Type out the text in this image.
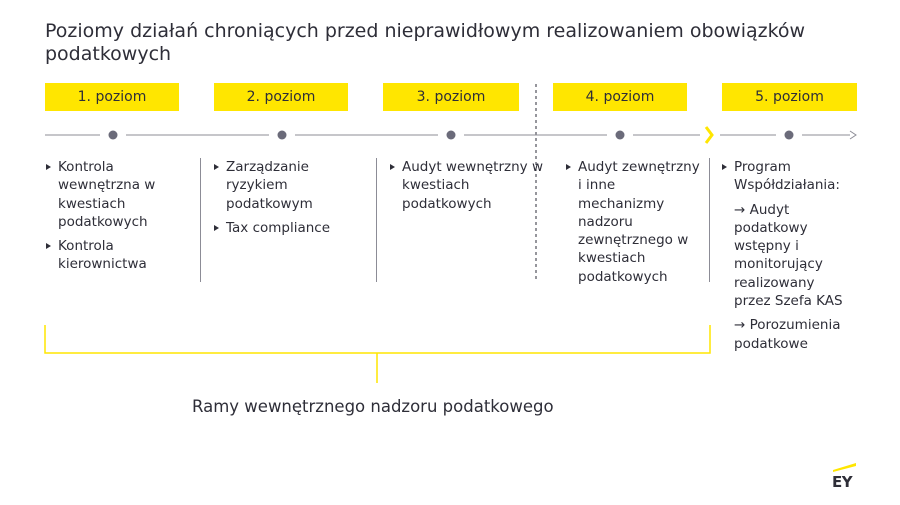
Poziomy działań chroniących przed nieprawidłowym realizowaniem obowiązków podatkowych
1. poziom	2. poziom	3. poziom	4. poziom	5. poziom
Kontrola wewnętrzna w kwestiach podatkowych
Kontrola kierownictwa
Zarządzanie ryzykiem podatkowym
Tax compliance
Audyt wewnętrzny w kwestiach podatkowych
Audyt zewnętrzny i inne mechanizmy nadzoru zewnętrznego w kwestiach podatkowych
Program Współdziałania:
→ Audyt podatkowy wstępny i monitorujący realizowany przez Szefa KAS
→ Porozumienia podatkowe
Ramy wewnętrznego nadzoru podatkowego
EY
